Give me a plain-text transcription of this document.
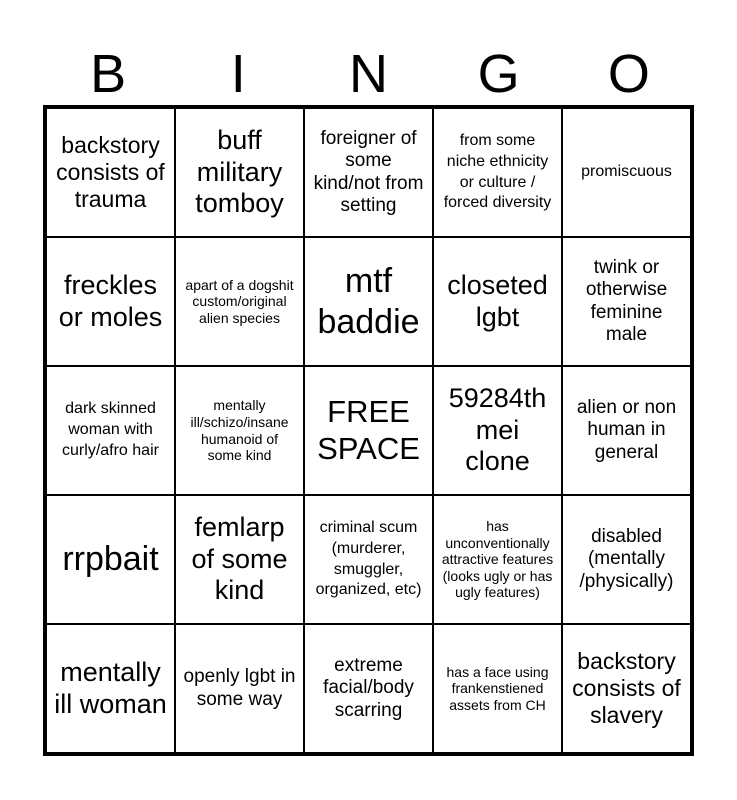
B	I	N	G	O
backstory consists of trauma
buff military tomboy
foreigner of some kind/not from setting
from some niche ethnicity or culture / forced diversity
promiscuous
freckles or moles
apart of a dogshit custom/original alien species
mtf baddie
closeted lgbt
twink or otherwise feminine male
dark skinned woman with curly/afro hair
mentally ill/schizo/insane humanoid of some kind
FREE SPACE
59284th mei clone
alien or non human in general
rrpbait
femlarp of some kind
criminal scum (murderer, smuggler, organized, etc)
has unconventionally attractive features (looks ugly or has ugly features)
disabled (mentally /physically)
mentally ill woman
openly lgbt in some way
extreme facial/body scarring
has a face using frankenstiened assets from CH
backstory consists of slavery
